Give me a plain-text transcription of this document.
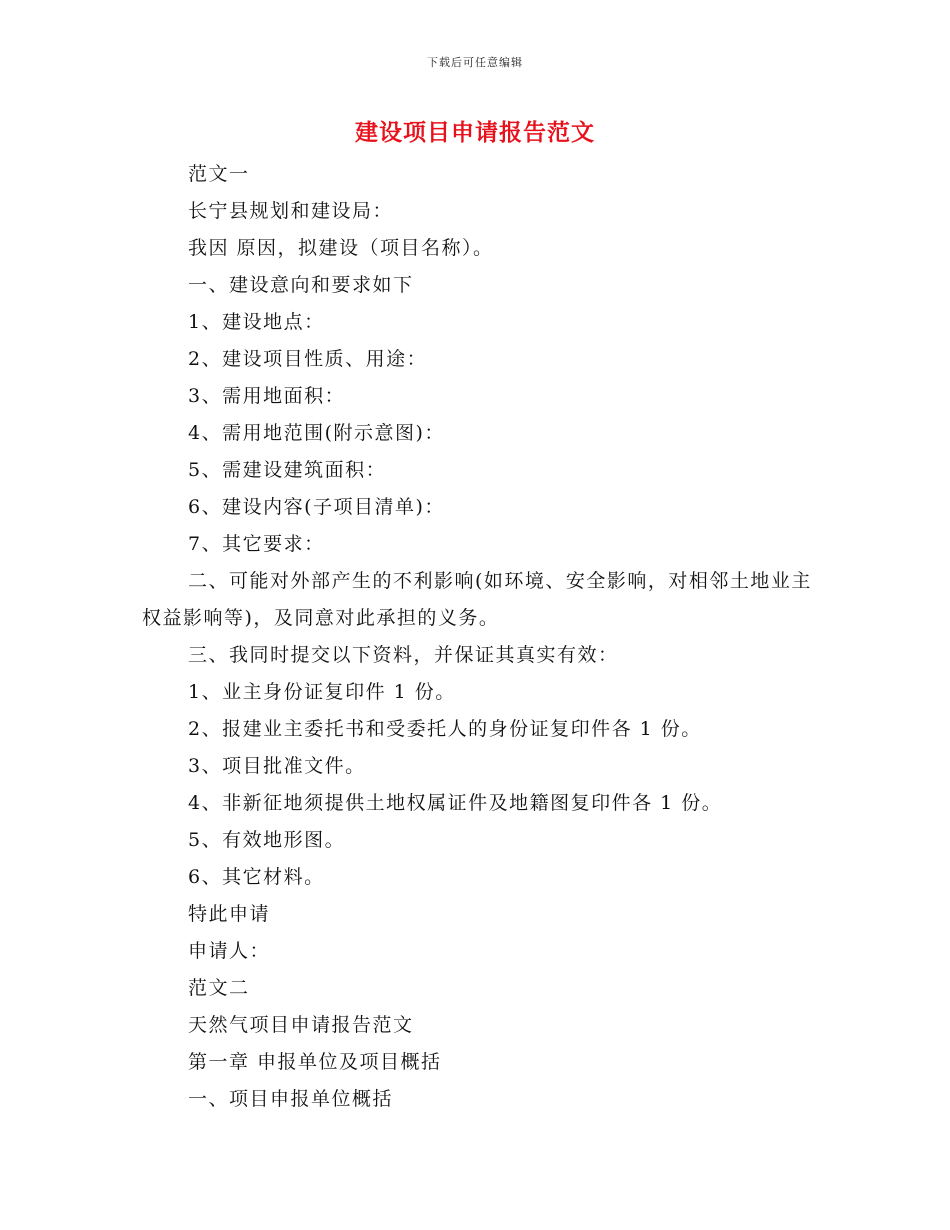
下载后可任意编辑
建设项目申请报告范文

范文一

长宁县规划和建设局：

我因 原因，拟建设（项目名称）。

一、建设意向和要求如下

1、建设地点：

2、建设项目性质、用途：

3、需用地面积：

4、需用地范围(附示意图)：

5、需建设建筑面积：

6、建设内容(子项目清单)：

7、其它要求：

二、可能对外部产生的不利影响(如环境、安全影响，对相邻土地业主权益影响等)，及同意对此承担的义务。

三、我同时提交以下资料，并保证其真实有效：

1、业主身份证复印件 1 份。

2、报建业主委托书和受委托人的身份证复印件各 1 份。

3、项目批准文件。

4、非新征地须提供土地权属证件及地籍图复印件各 1 份。

5、有效地形图。

6、其它材料。

特此申请

申请人：

范文二

天然气项目申请报告范文

第一章 申报单位及项目概括

一、项目申报单位概括
